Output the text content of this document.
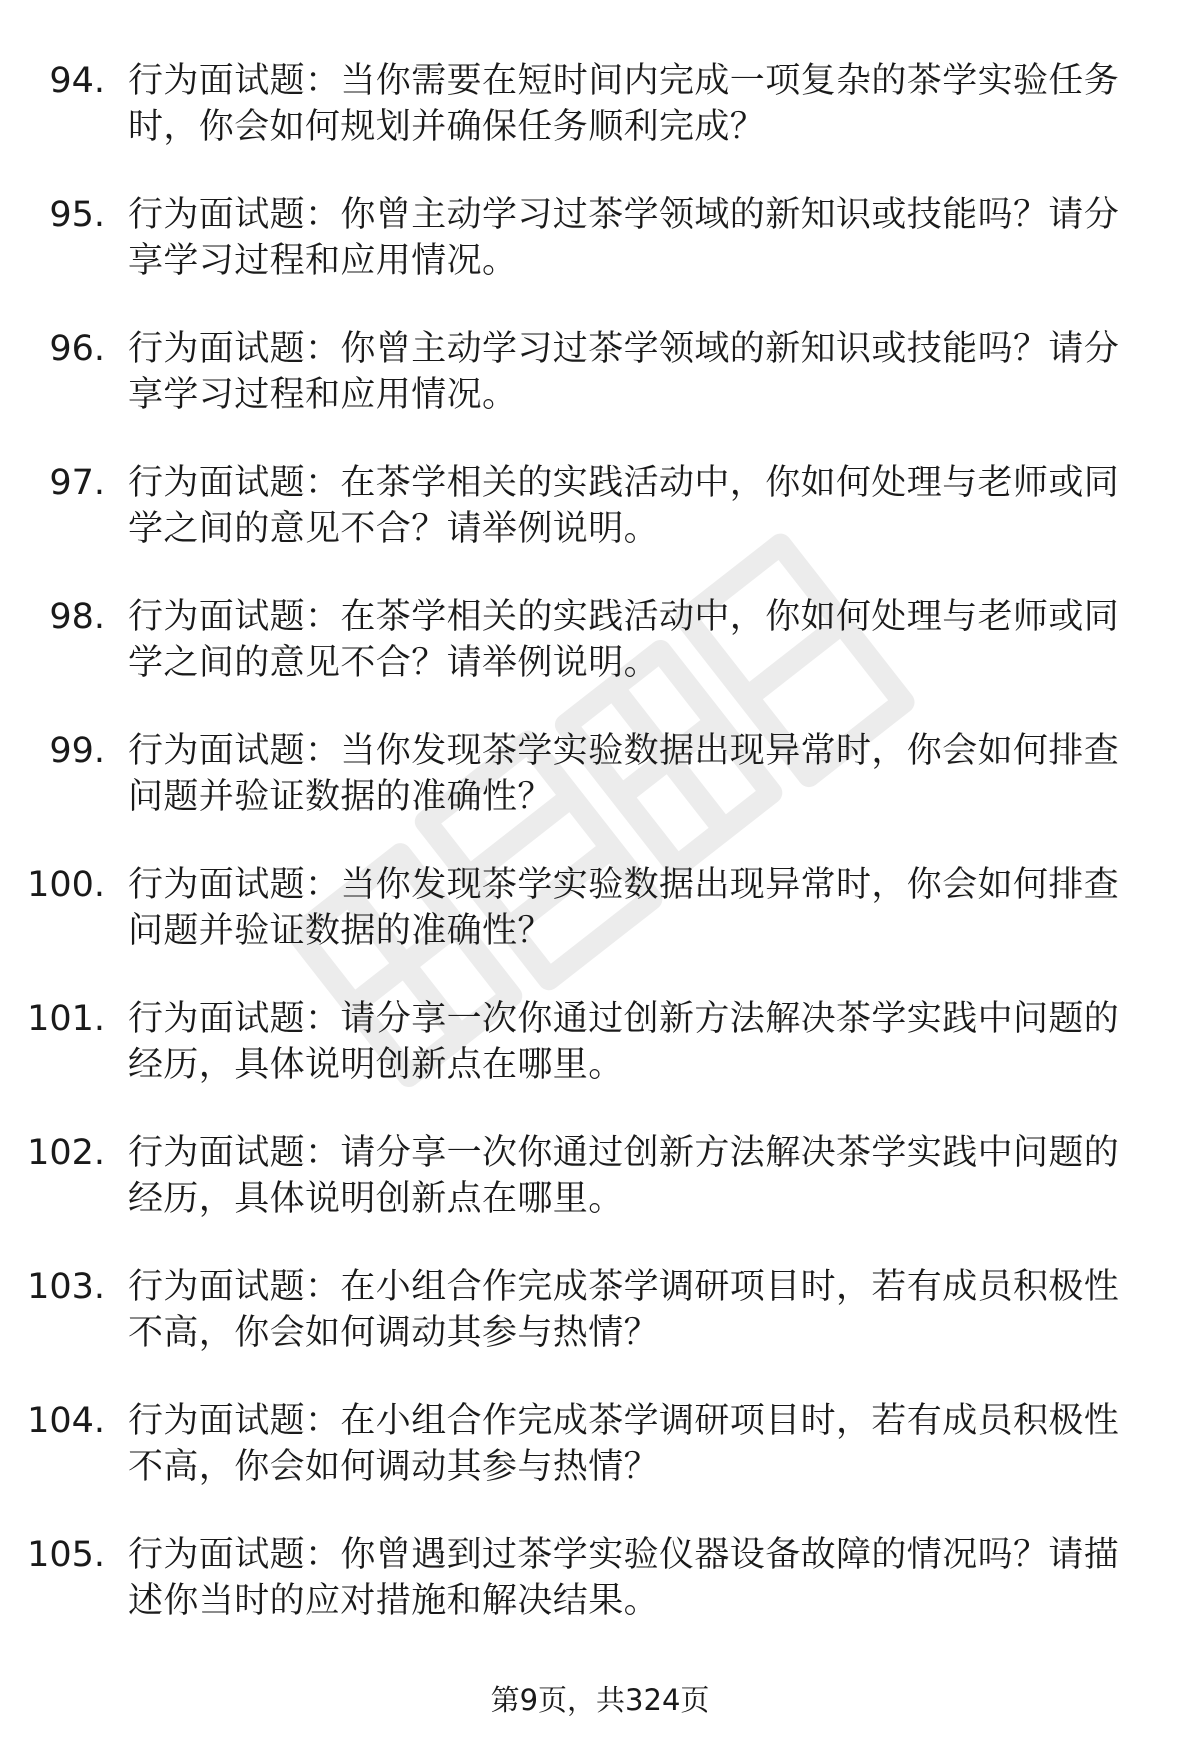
94. 行为面试题：当你需要在短时间内完成一项复杂的茶学实验任务时，你会如何规划并确保任务顺利完成？
95. 行为面试题：你曾主动学习过茶学领域的新知识或技能吗？请分享学习过程和应用情况。
96. 行为面试题：你曾主动学习过茶学领域的新知识或技能吗？请分享学习过程和应用情况。
97. 行为面试题：在茶学相关的实践活动中，你如何处理与老师或同学之间的意见不合？请举例说明。
98. 行为面试题：在茶学相关的实践活动中，你如何处理与老师或同学之间的意见不合？请举例说明。
99. 行为面试题：当你发现茶学实验数据出现异常时，你会如何排查问题并验证数据的准确性？
100. 行为面试题：当你发现茶学实验数据出现异常时，你会如何排查问题并验证数据的准确性？
101. 行为面试题：请分享一次你通过创新方法解决茶学实践中问题的经历，具体说明创新点在哪里。
102. 行为面试题：请分享一次你通过创新方法解决茶学实践中问题的经历，具体说明创新点在哪里。
103. 行为面试题：在小组合作完成茶学调研项目时，若有成员积极性不高，你会如何调动其参与热情？
104. 行为面试题：在小组合作完成茶学调研项目时，若有成员积极性不高，你会如何调动其参与热情？
105. 行为面试题：你曾遇到过茶学实验仪器设备故障的情况吗？请描述你当时的应对措施和解决结果。
第9页，共324页
